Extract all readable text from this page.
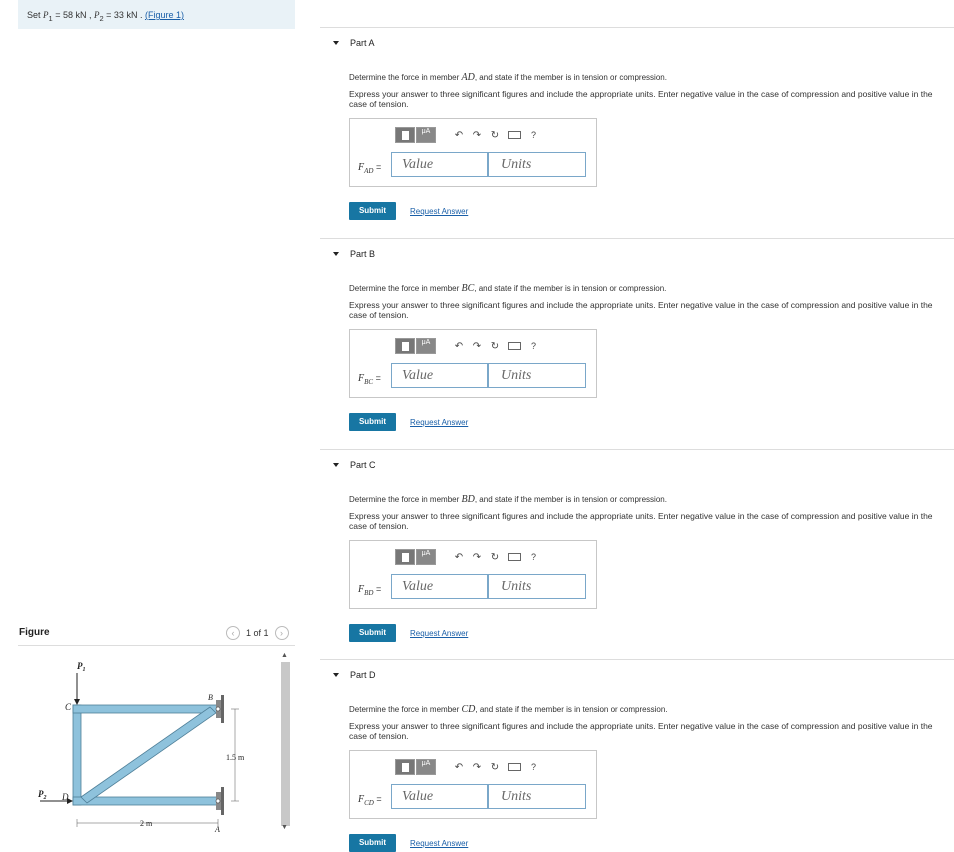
Set $P_1 = 58$ kN , $P_2 = 33$ kN . (Figure 1)
Figure	‹	1 of 1	›
$P_1$
C
B
$P_2$ D
A
1.5 m
2 m
▲
▼
Part A
Determine the force in member AD, and state if the member is in tension or compression.
Express your answer to three significant figures and include the appropriate units. Enter negative value in the case of compression and positive value in the case of tension.
μA	↶ ↷ ↻	?
$F_{AD}$ =	Value	Units
Submit	Request Answer
Part B
Determine the force in member BC, and state if the member is in tension or compression.
Express your answer to three significant figures and include the appropriate units. Enter negative value in the case of compression and positive value in the case of tension.
μA	↶ ↷ ↻	?
$F_{BC}$ =	Value	Units
Submit	Request Answer
Part C
Determine the force in member BD, and state if the member is in tension or compression.
Express your answer to three significant figures and include the appropriate units. Enter negative value in the case of compression and positive value in the case of tension.
μA	↶ ↷ ↻	?
$F_{BD}$ =	Value	Units
Submit	Request Answer
Part D
Determine the force in member CD, and state if the member is in tension or compression.
Express your answer to three significant figures and include the appropriate units. Enter negative value in the case of compression and positive value in the case of tension.
μA	↶ ↷ ↻	?
$F_{CD}$ =	Value	Units
Submit	Request Answer
